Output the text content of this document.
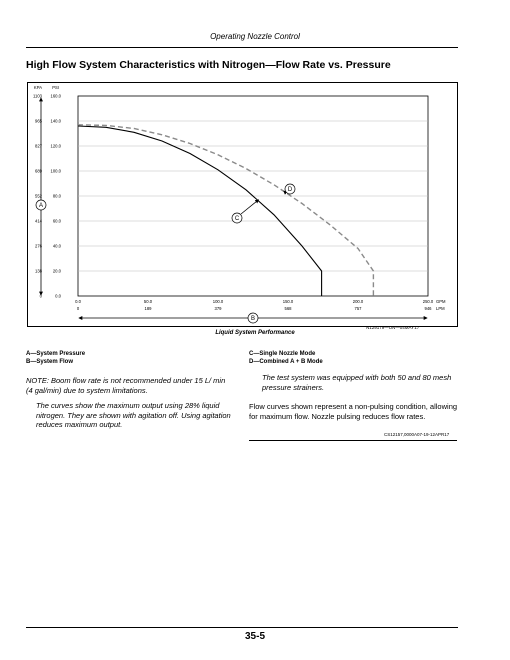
Operating Nozzle Control
High Flow System Characteristics with Nitrogen—Flow Rate vs. Pressure
0	0.0
138	20.0
276	40.0
414	60.0
552	80.0
689 100.0
827 120.0
965 140.0
1103 160.0
KPA PSI
0.0
0
50.0
189
100.0
379
150.0
568
200.0
757
250.0
946
GPM
LPM
A
B
C
D
N129179—UN—04MAY17
Liquid System Performance
A—System Pressure
B—System Flow
C—Single Nozzle Mode
D—Combined A + B Mode
NOTE: Boom flow rate is not recommended under 15 L/ min (4 gal/min) due to system limitations.
The curves show the maximum output using 28% liquid nitrogen. They are shown with agitation off. Using agitation reduces maximum output.
The test system was equipped with both 50 and 80 mesh pressure strainers.
Flow curves shown represent a non-pulsing condition, allowing for maximum flow. Nozzle pulsing reduces flow rates.
CS12157,0000A07-19-12APR17
35-5
